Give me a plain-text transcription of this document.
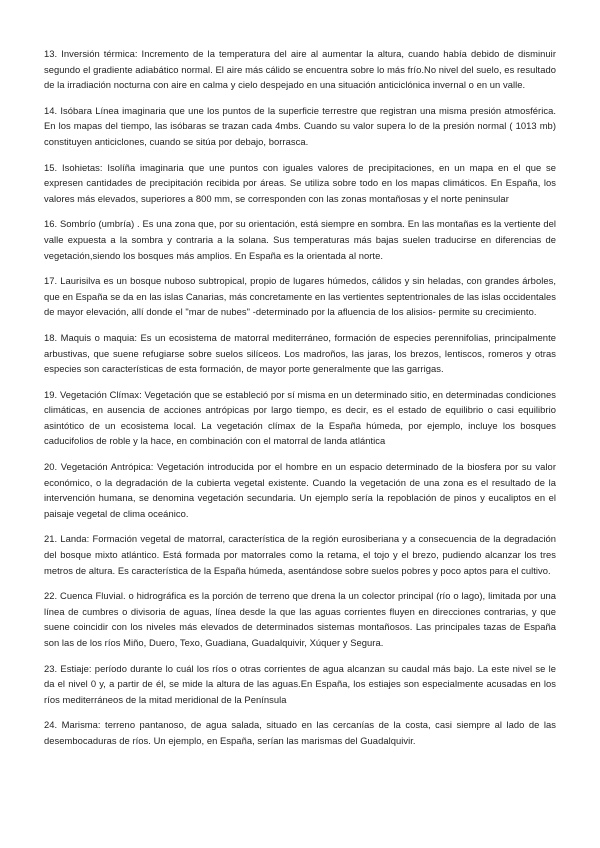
13. Inversión térmica: Incremento de la temperatura del aire al aumentar la altura, cuando había debido de disminuir segundo el gradiente adiabático normal. El aire más cálido se encuentra sobre lo más frío.No nivel del suelo, es resultado de la irradiación nocturna con aire en calma y cielo despejado en una situación anticiclónica invernal o en un valle.

14. Isóbara Línea imaginaria que une los puntos de la superficie terrestre que registran una misma presión atmosférica. En los mapas del tiempo, las isóbaras se trazan cada 4mbs. Cuando su valor supera lo de la presión normal ( 1013 mb) constituyen anticiclones, cuando se sitúa por debajo, borrasca.

15. Isohietas: Isolíña imaginaria que une puntos con iguales valores de precipitaciones, en un mapa en el que se expresen cantidades de precipitación recibida por áreas. Se utiliza sobre todo en los mapas climáticos. En España, los valores más elevados, superiores a 800 mm, se corresponden con las zonas montañosas y el norte peninsular

16. Sombrío (umbría) . Es una zona que, por su orientación, está siempre en sombra. En las montañas es la vertiente del valle expuesta a la sombra y contraria a la solana. Sus temperaturas más bajas suelen traducirse en diferencias de vegetación,siendo los bosques más amplios. En España es la orientada al norte.

17. Laurisilva es un bosque nuboso subtropical, propio de lugares húmedos, cálidos y sin heladas, con grandes árboles, que en España se da en las islas Canarias, más concretamente en las vertientes septentrionales de las islas occidentales de mayor elevación, allí donde el "mar de nubes" -determinado por la afluencia de los alisios- permite su crecimiento.

18. Maquis o maquia: Es un ecosistema de matorral mediterráneo, formación de especies perennifolias, principalmente arbustivas, que suene refugiarse sobre suelos silíceos. Los madroños, las jaras, los brezos, lentiscos, romeros y otras especies son características de esta formación, de mayor porte generalmente que las garrigas.

19. Vegetación Clímax: Vegetación que se estableció por sí misma en un determinado sitio, en determinadas condiciones climáticas, en ausencia de acciones antrópicas por largo tiempo, es decir, es el estado de equilibrio o casi equilibrio asintótico de un ecosistema local. La vegetación clímax de la España húmeda, por ejemplo, incluye los bosques caducifolios de roble y la hace, en combinación con el matorral de landa atlántica

20. Vegetación Antrópica: Vegetación introducida por el hombre en un espacio determinado de la biosfera por su valor económico, o la degradación de la cubierta vegetal existente. Cuando la vegetación de una zona es el resultado de la intervención humana, se denomina vegetación secundaria. Un ejemplo sería la repoblación de pinos y eucaliptos en el paisaje vegetal de clima oceánico.

21. Landa: Formación vegetal de matorral, característica de la región eurosiberiana y a consecuencia de la degradación del bosque mixto atlántico. Está formada por matorrales como la retama, el tojo y el brezo, pudiendo alcanzar los tres metros de altura. Es característica de la España húmeda, asentándose sobre suelos pobres y poco aptos para el cultivo.

22. Cuenca Fluvial. o hidrográfica es la porción de terreno que drena la un colector principal (río o lago), limitada por una línea de cumbres o divisoria de aguas, línea desde la que las aguas corrientes fluyen en direcciones contrarias, y que suene coincidir con los niveles más elevados de determinados sistemas montañosos. Las principales tazas de España son las de los ríos Miño, Duero, Texo, Guadiana, Guadalquivir, Xúquer y Segura.

23. Estiaje: período durante lo cuál los ríos o otras corrientes de agua alcanzan su caudal más bajo. La este nivel se le da el nivel 0 y, a partir de él, se mide la altura de las aguas.En España, los estiajes son especialmente acusadas en los ríos mediterráneos de la mitad meridional de la Península

24. Marisma: terreno pantanoso, de agua salada, situado en las cercanías de la costa, casi siempre al lado de las desembocaduras de ríos. Un ejemplo, en España, serían las marismas del Guadalquivir.
